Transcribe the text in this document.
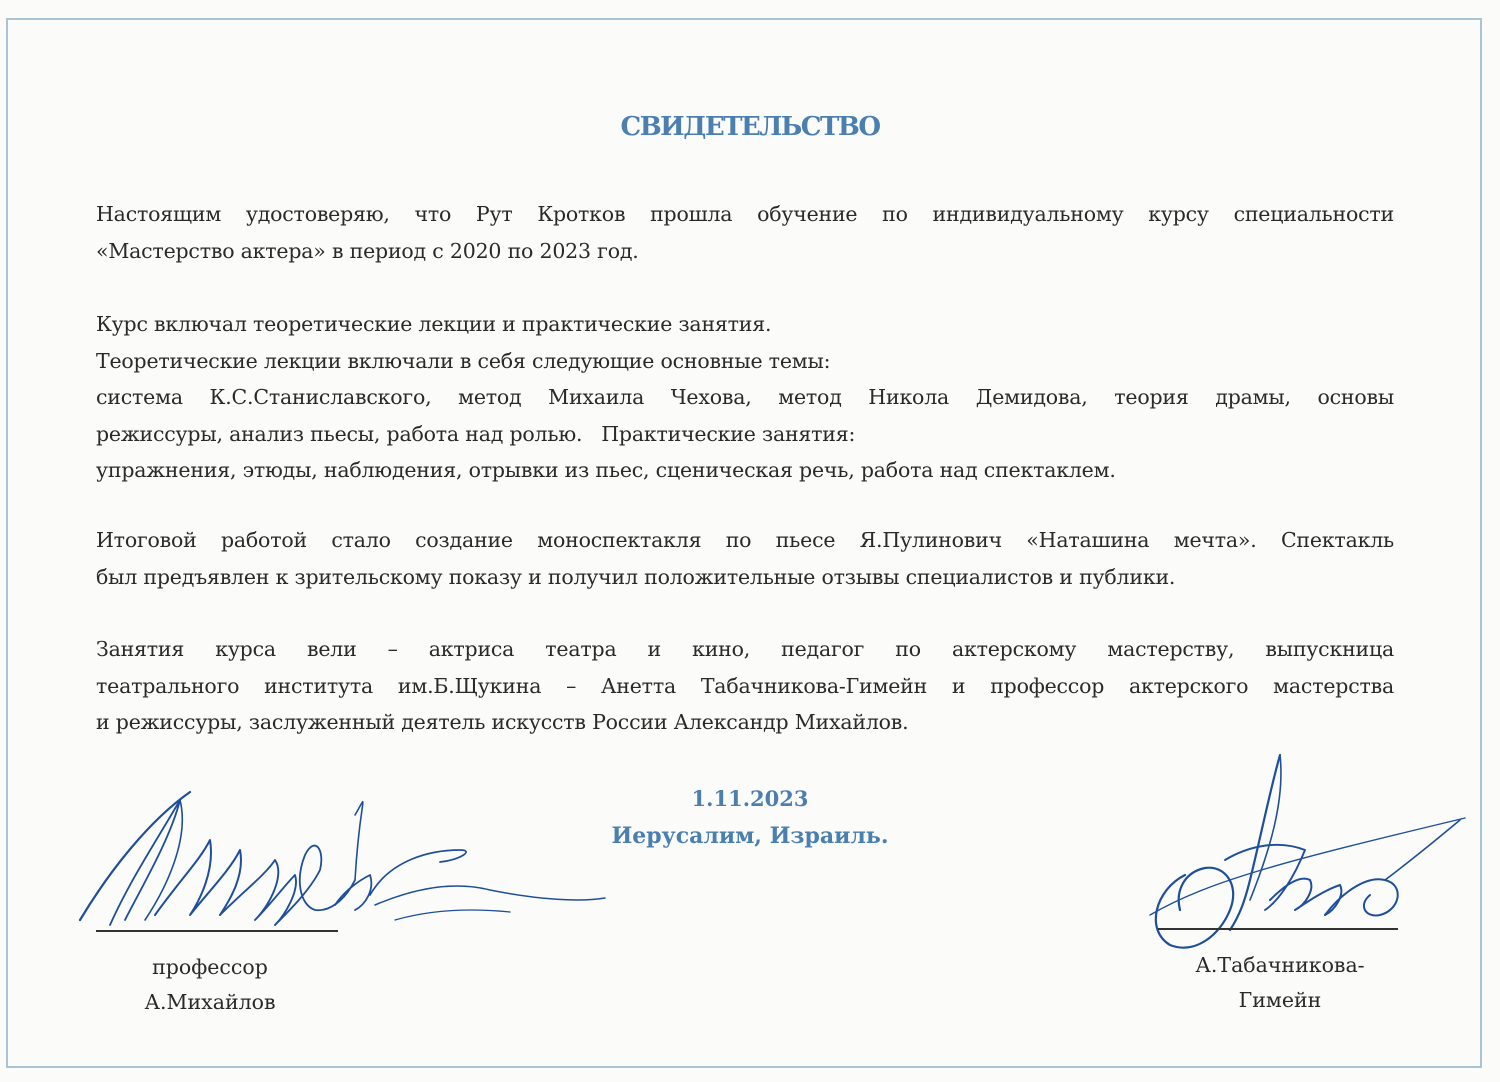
СВИДЕТЕЛЬСТВО
Настоящим удостоверяю, что Рут Кротков прошла обучение по индивидуальному курсу специальности
«Мастерство актера» в период с 2020 по 2023 год.
Курс включал теоретические лекции и практические занятия.
Теоретические лекции включали в себя следующие основные темы:
система К.С.Станиславского, метод Михаила Чехова, метод Никола Демидова, теория драмы, основы
режиссуры, анализ пьесы, работа над ролью.   Практические занятия:
упражнения, этюды, наблюдения, отрывки из пьес, сценическая речь, работа над спектаклем.
Итоговой работой стало создание моноспектакля по пьесе Я.Пулинович «Наташина мечта». Спектакль
был предъявлен к зрительскому показу и получил положительные отзывы специалистов и публики.
Занятия курса вели – актриса театра и кино, педагог по актерскому мастерству, выпускница
театрального института им.Б.Щукина – Анетта Табачникова-Гимейн и профессор актерского мастерства
и режиссуры, заслуженный деятель искусств России Александр Михайлов.
1.11.2023
Иерусалим, Израиль.
профессор
А.Михайлов
А.Табачникова-
Гимейн
